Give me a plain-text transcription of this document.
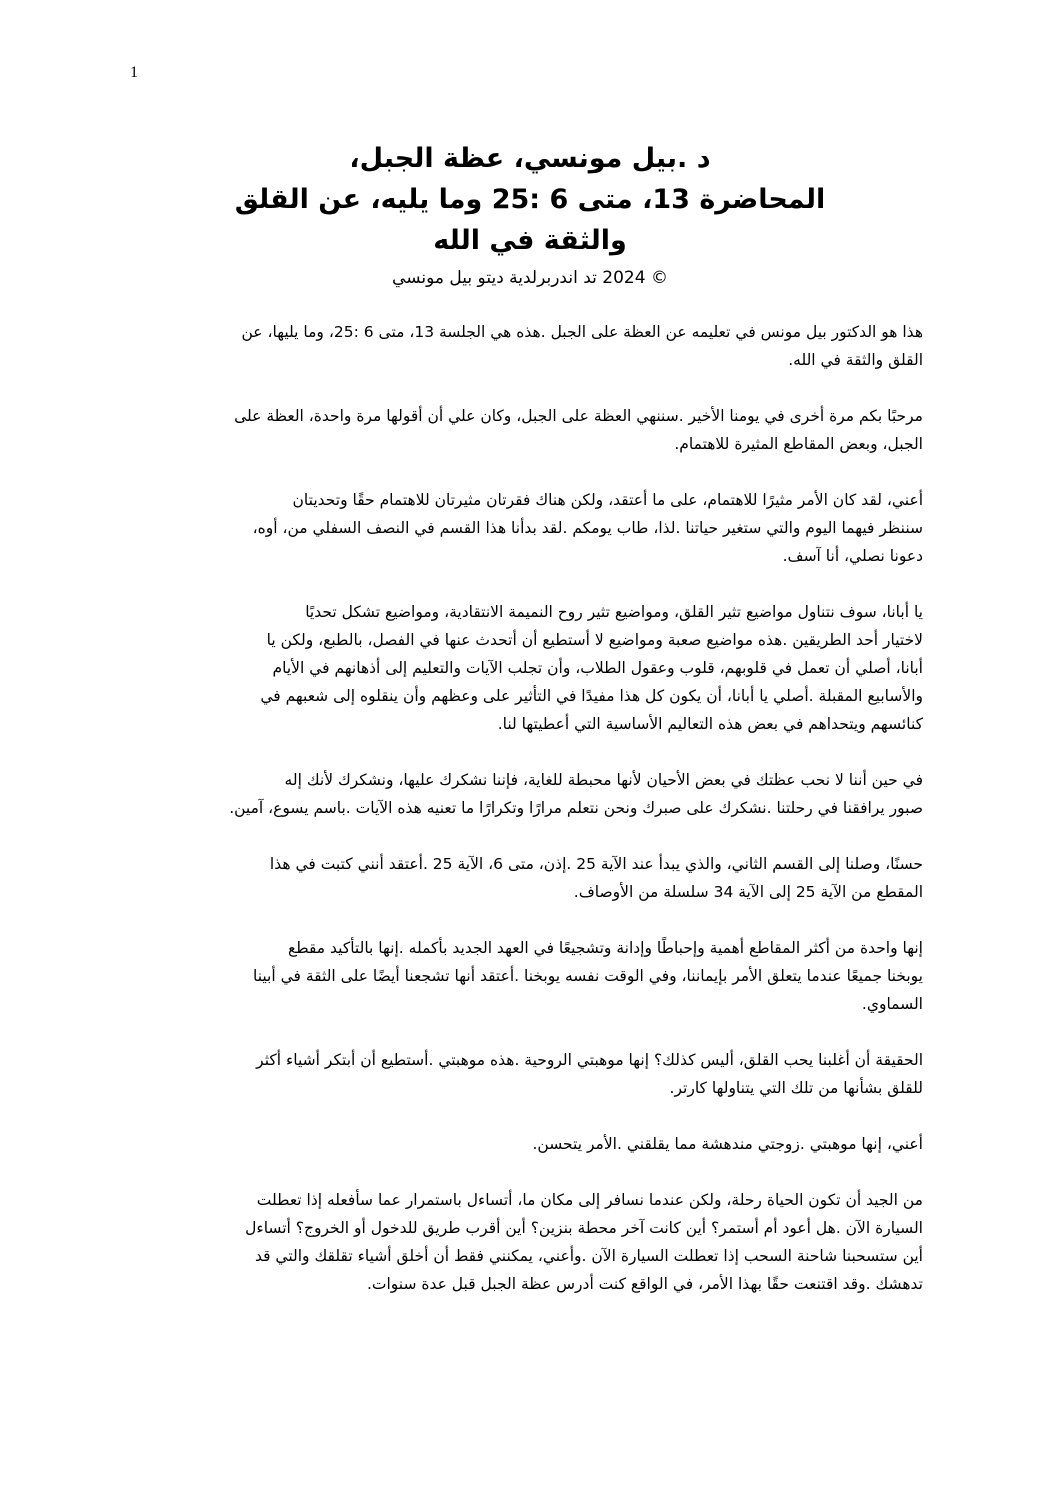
1
د .بيل مونسي، عظة الجبل،
المحاضرة 13، متى 6 :25 وما يليه، عن القلق
والثقة في الله
© 2024 تد اندربرلدية ديتو بيل مونسي
هذا هو الدكتور بيل مونس في تعليمه عن العظة على الجبل .هذه هي الجلسة 13، متى 6 :25، وما يليها، عن
القلق والثقة في الله.
مرحبًا بكم مرة أخرى في يومنا الأخير .سننهي العظة على الجبل، وكان علي أن أقولها مرة واحدة، العظة على
الجبل، وبعض المقاطع المثيرة للاهتمام.
أعني، لقد كان الأمر مثيرًا للاهتمام، على ما أعتقد، ولكن هناك فقرتان مثيرتان للاهتمام حقًا وتحديتان
سننظر فيهما اليوم والتي ستغير حياتنا .لذا، طاب يومكم .لقد بدأنا هذا القسم في النصف السفلي من، أوه،
دعونا نصلي، أنا آسف.
يا أبانا، سوف نتناول مواضيع تثير القلق، ومواضيع تثير روح النميمة الانتقادية، ومواضيع تشكل تحديًا
لاختيار أحد الطريقين .هذه مواضيع صعبة ومواضيع لا أستطيع أن أتحدث عنها في الفصل، بالطبع، ولكن يا
أبانا، أصلي أن تعمل في قلوبهم، قلوب وعقول الطلاب، وأن تجلب الآيات والتعليم إلى أذهانهم في الأيام
والأسابيع المقبلة .أصلي يا أبانا، أن يكون كل هذا مفيدًا في التأثير على وعظهم وأن ينقلوه إلى شعبهم في
كنائسهم ويتحداهم في بعض هذه التعاليم الأساسية التي أعطيتها لنا.
في حين أننا لا نحب عظتك في بعض الأحيان لأنها محبطة للغاية، فإننا نشكرك عليها، ونشكرك لأنك إله
صبور يرافقنا في رحلتنا .نشكرك على صبرك ونحن نتعلم مرارًا وتكرارًا ما تعنيه هذه الآيات .باسم يسوع، آمين.
حسنًا، وصلنا إلى القسم الثاني، والذي يبدأ عند الآية 25 .إذن، متى 6، الآية 25 .أعتقد أنني كتبت في هذا
المقطع من الآية 25 إلى الآية 34 سلسلة من الأوصاف.
إنها واحدة من أكثر المقاطع أهمية وإحباطًا وإدانة وتشجيعًا في العهد الجديد بأكمله .إنها بالتأكيد مقطع
يوبخنا جميعًا عندما يتعلق الأمر بإيماننا، وفي الوقت نفسه يوبخنا .أعتقد أنها تشجعنا أيضًا على الثقة في أبينا
السماوي.
الحقيقة أن أغلبنا يحب القلق، أليس كذلك؟ إنها موهبتي الروحية .هذه موهبتي .أستطيع أن أبتكر أشياء أكثر
للقلق بشأنها من تلك التي يتناولها كارتر.
أعني، إنها موهبتي .زوجتي مندهشة مما يقلقني .الأمر يتحسن.
من الجيد أن تكون الحياة رحلة، ولكن عندما نسافر إلى مكان ما، أتساءل باستمرار عما سأفعله إذا تعطلت
السيارة الآن .هل أعود أم أستمر؟ أين كانت آخر محطة بنزين؟ أين أقرب طريق للدخول أو الخروج؟ أتساءل
أين ستسحبنا شاحنة السحب إذا تعطلت السيارة الآن .وأعني، يمكنني فقط أن أخلق أشياء تقلقك والتي قد
تدهشك .وقد اقتنعت حقًا بهذا الأمر، في الواقع كنت أدرس عظة الجبل قبل عدة سنوات.
